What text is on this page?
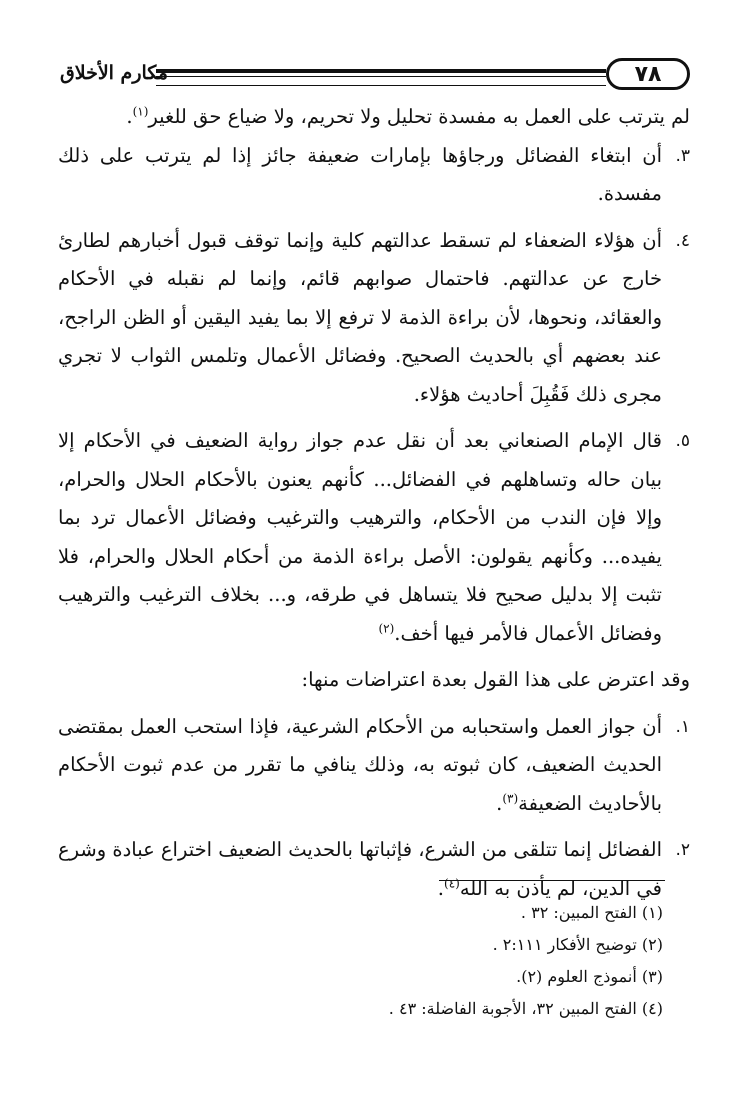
٧٨
مكارم الأخلاق

لم يترتب على العمل به مفسدة تحليل ولا تحريم، ولا ضياع حق للغير$^{(١)}$.

٣.
أن ابتغاء الفضائل ورجاؤها بإمارات ضعيفة جائز إذا لم يترتب على ذلك مفسدة.
٤.
أن هؤلاء الضعفاء لم تسقط عدالتهم كلية وإنما توقف قبول أخبارهم لطارئ خارج عن عدالتهم. فاحتمال صوابهم قائم، وإنما لم نقبله في الأحكام والعقائد، ونحوها، لأن براءة الذمة لا ترفع إلا بما يفيد اليقين أو الظن الراجح، عند بعضهم أي بالحديث الصحيح. وفضائل الأعمال وتلمس الثواب لا تجري مجرى ذلك فَقُبِلَ أحاديث هؤلاء.
٥.
قال الإمام الصنعاني بعد أن نقل عدم جواز رواية الضعيف في الأحكام إلا بيان حاله وتساهلهم في الفضائل... كأنهم يعنون بالأحكام الحلال والحرام، وإلا فإن الندب من الأحكام، والترهيب والترغيب وفضائل الأعمال ترد بما يفيده... وكأنهم يقولون: الأصل براءة الذمة من أحكام الحلال والحرام، فلا تثبت إلا بدليل صحيح فلا يتساهل في طرقه، و... بخلاف الترغيب والترهيب وفضائل الأعمال فالأمر فيها أخف.$^{(٢)}$

وقد اعترض على هذا القول بعدة اعتراضات منها:

١.
أن جواز العمل واستحبابه من الأحكام الشرعية، فإذا استحب العمل بمقتضى الحديث الضعيف، كان ثبوته به، وذلك ينافي ما تقرر من عدم ثبوت الأحكام بالأحاديث الضعيفة$^{(٣)}$.
٢.
الفضائل إنما تتلقى من الشرع، فإثباتها بالحديث الضعيف اختراع عبادة وشرع في الدين، لم يأذن به الله$^{(٤)}$.
(١) الفتح المبين: ٣٢ .
(٢) توضيح الأفكار ٢:١١١ .
(٣) أنموذج العلوم (٢).
(٤) الفتح المبين ٣٢، الأجوبة الفاضلة: ٤٣ .
